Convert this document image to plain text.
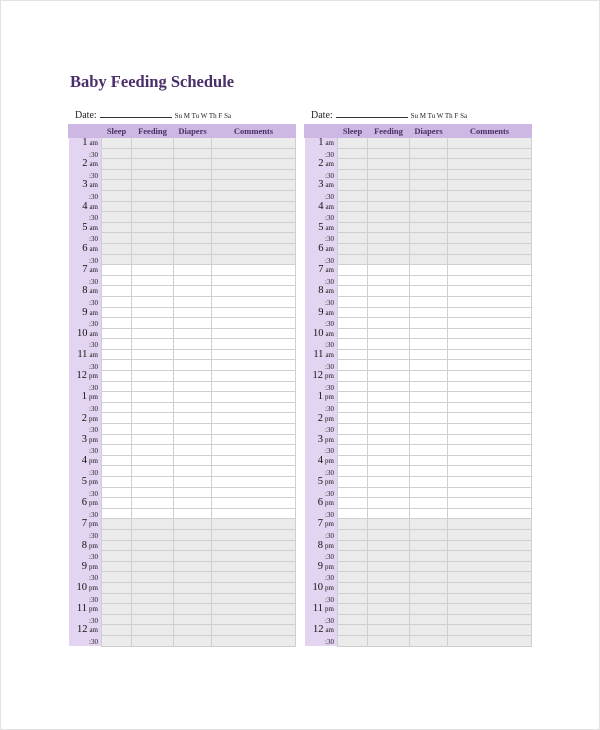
Baby Feeding Schedule
Date:	Su M Tu W Th F Sa	Date:	Su M Tu W Th F Sa
	Sleep	Feeding	Diapers	Comments
1 $^{am}$				
:30				
2 $^{am}$				
:30				
3 $^{am}$				
:30				
4 $^{am}$				
:30				
5 $^{am}$				
:30				
6 $^{am}$				
:30				
7 $^{am}$				
:30				
8 $^{am}$				
:30				
9 $^{am}$				
:30				
10 $^{am}$				
:30				
11 $^{am}$				
:30				
12 $^{pm}$				
:30				
1 $^{pm}$				
:30				
2 $^{pm}$				
:30				
3 $^{pm}$				
:30				
4 $^{pm}$				
:30				
5 $^{pm}$				
:30				
6 $^{pm}$				
:30				
7 $^{pm}$				
:30				
8 $^{pm}$				
:30				
9 $^{pm}$				
:30				
10 $^{pm}$				
:30				
11 $^{pm}$				
:30				
12 $^{am}$				
:30				
	Sleep	Feeding	Diapers	Comments
1 $^{am}$				
:30				
2 $^{am}$				
:30				
3 $^{am}$				
:30				
4 $^{am}$				
:30				
5 $^{am}$				
:30				
6 $^{am}$				
:30				
7 $^{am}$				
:30				
8 $^{am}$				
:30				
9 $^{am}$				
:30				
10 $^{am}$				
:30				
11 $^{am}$				
:30				
12 $^{pm}$				
:30				
1 $^{pm}$				
:30				
2 $^{pm}$				
:30				
3 $^{pm}$				
:30				
4 $^{pm}$				
:30				
5 $^{pm}$				
:30				
6 $^{pm}$				
:30				
7 $^{pm}$				
:30				
8 $^{pm}$				
:30				
9 $^{pm}$				
:30				
10 $^{pm}$				
:30				
11 $^{pm}$				
:30				
12 $^{am}$				
:30				
